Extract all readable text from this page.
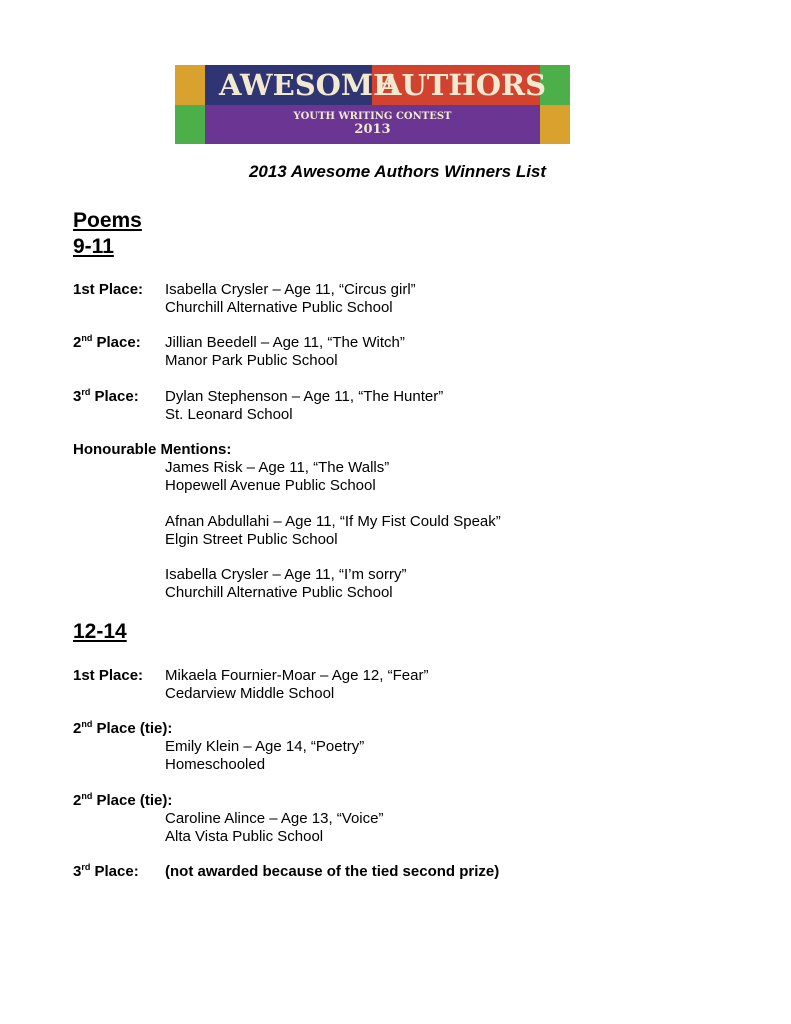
AWESOME
AUTHORS
YOUTH WRITING CONTEST
2013
2013 Awesome Authors Winners List
Poems
9-11
1st Place: Isabella Crysler – Age 11, “Circus girl”
Churchill Alternative Public School
2nd Place: Jillian Beedell – Age 11, “The Witch”
Manor Park Public School
3rd Place: Dylan Stephenson – Age 11, “The Hunter”
St. Leonard School
Honourable Mentions:
James Risk – Age 11, “The Walls”
Hopewell Avenue Public School
Afnan Abdullahi – Age 11, “If My Fist Could Speak”
Elgin Street Public School
Isabella Crysler – Age 11, “I’m sorry”
Churchill Alternative Public School
12-14
1st Place: Mikaela Fournier-Moar – Age 12, “Fear”
Cedarview Middle School
2nd Place (tie):
Emily Klein – Age 14, “Poetry”
Homeschooled
2nd Place (tie):
Caroline Alince – Age 13, “Voice”
Alta Vista Public School
3rd Place: (not awarded because of the tied second prize)
